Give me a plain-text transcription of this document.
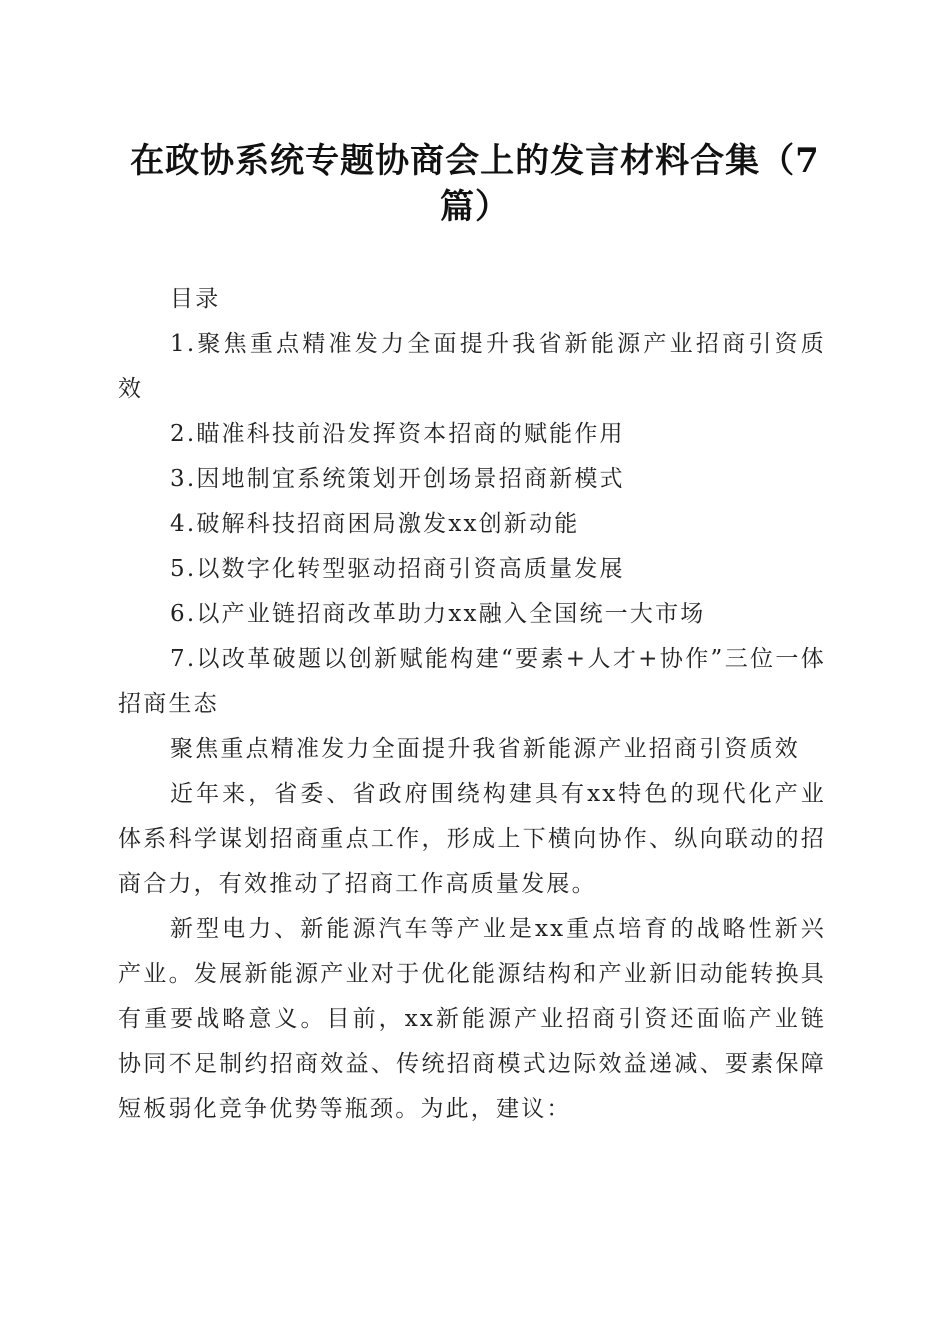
在政协系统专题协商会上的发言材料合集（7篇）

目录

1.聚焦重点精准发力全面提升我省新能源产业招商引资质效

2.瞄准科技前沿发挥资本招商的赋能作用

3.因地制宜系统策划开创场景招商新模式

4.破解科技招商困局激发xx创新动能

5.以数字化转型驱动招商引资高质量发展

6.以产业链招商改革助力xx融入全国统一大市场

7.以改革破题以创新赋能构建“要素+人才+协作”三位一体招商生态

聚焦重点精准发力全面提升我省新能源产业招商引资质效

近年来，省委、省政府围绕构建具有xx特色的现代化产业体系科学谋划招商重点工作，形成上下横向协作、纵向联动的招商合力，有效推动了招商工作高质量发展。

新型电力、新能源汽车等产业是xx重点培育的战略性新兴产业。发展新能源产业对于优化能源结构和产业新旧动能转换具有重要战略意义。目前，xx新能源产业招商引资还面临产业链协同不足制约招商效益、传统招商模式边际效益递减、要素保障短板弱化竞争优势等瓶颈。为此，建议：
